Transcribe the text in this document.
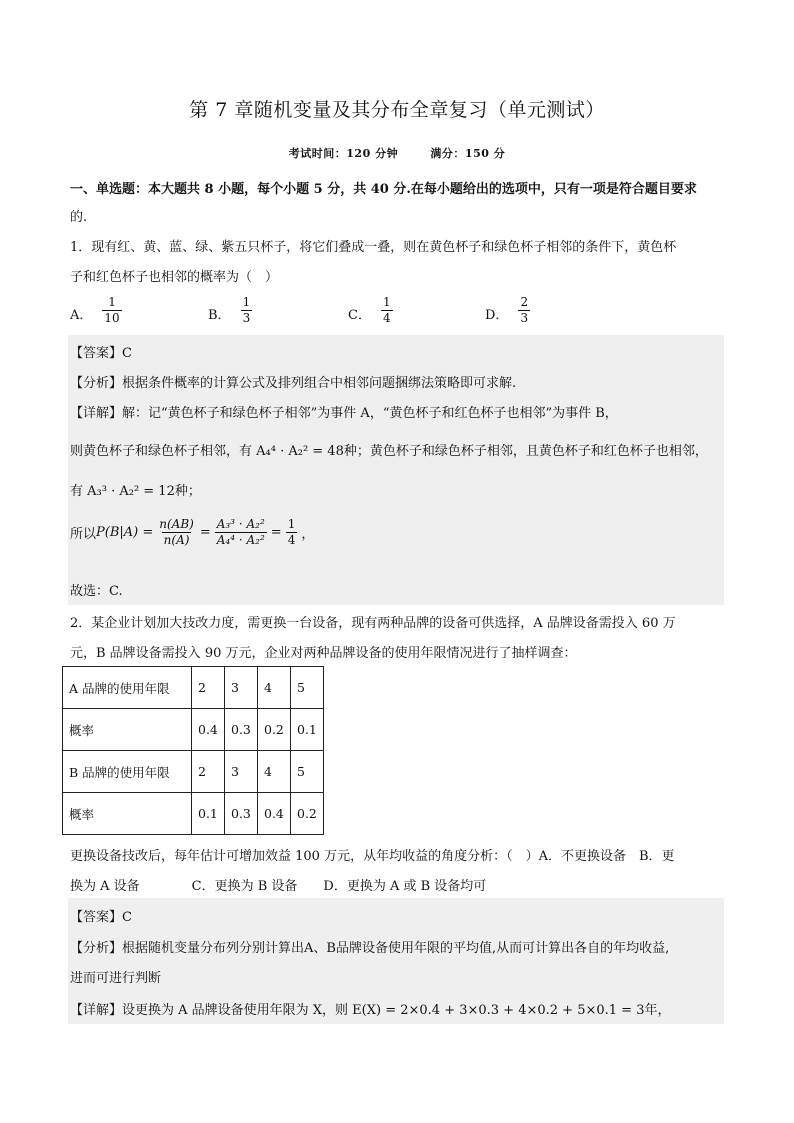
第 7 章随机变量及其分布全章复习（单元测试）
考试时间：120 分钟	满分：150 分
一、单选题：本大题共 8 小题，每个小题 5 分，共 40 分.在每小题给出的选项中，只有一项是符合题目要求
的.
1．现有红、黄、蓝、绿、紫五只杯子，将它们叠成一叠，则在黄色杯子和绿色杯子相邻的条件下，黄色杯
子和红色杯子也相邻的概率为（　）
A． $\frac{1}{10}$	B． $\frac{1}{3}$	C． $\frac{1}{4}$	D． $\frac{2}{3}$
【答案】C
【分析】根据条件概率的计算公式及排列组合中相邻问题捆绑法策略即可求解.
【详解】解：记“黄色杯子和绿色杯子相邻”为事件 A，“黄色杯子和红色杯子也相邻”为事件 B，
则黄色杯子和绿色杯子相邻，有 A₄⁴ · A₂² = 48种；黄色杯子和绿色杯子相邻，且黄色杯子和红色杯子也相邻，
有 A₃³ · A₂² = 12种；
所以 $P(B|A) = \frac{n(AB)}{n(A)} = \frac{\text{A₃³ · A₂²}}{\text{A₄⁴ · A₂²}} = \frac{1}{4}$ ，
故选：C.
2．某企业计划加大技改力度，需更换一台设备，现有两种品牌的设备可供选择，A 品牌设备需投入 60 万
元，B 品牌设备需投入 90 万元，企业对两种品牌设备的使用年限情况进行了抽样调查：
A 品牌的使用年限	2	3	4	5
概率	0.4	0.3	0.2	0.1
B 品牌的使用年限	2	3	4	5
概率	0.1	0.3	0.4	0.2
更换设备技改后，每年估计可增加效益 100 万元，从年均收益的角度分析：（　）A．不更换设备　B．更
换为 A 设备　　　　C．更换为 B 设备　　D．更换为 A 或 B 设备均可
【答案】C
【分析】根据随机变量分布列分别计算出A、B品牌设备使用年限的平均值,从而可计算出各自的年均收益,
进而可进行判断
【详解】设更换为 A 品牌设备使用年限为 X，则 E(X) = 2×0.4 + 3×0.3 + 4×0.2 + 5×0.1 = 3年，
